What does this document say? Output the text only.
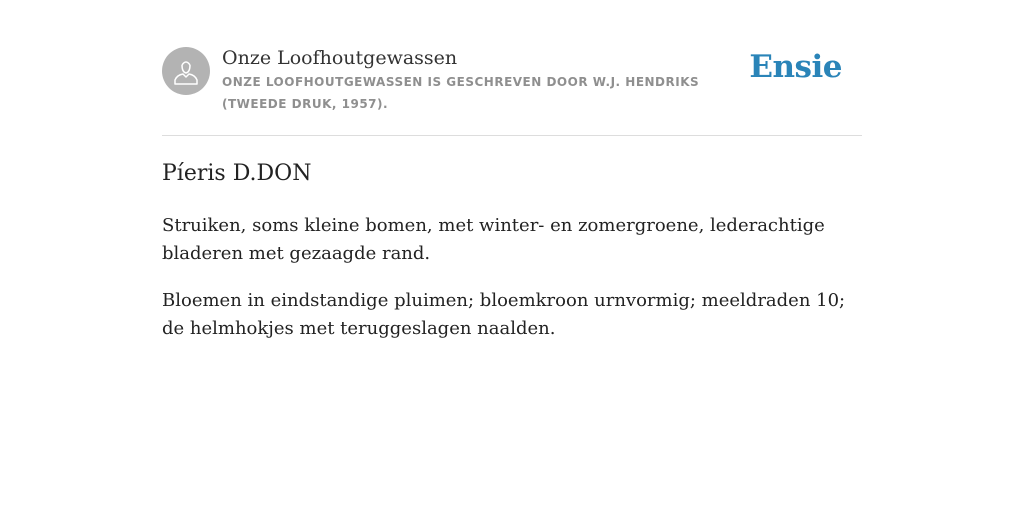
Onze Loofhoutgewassen
ONZE LOOFHOUTGEWASSEN IS GESCHREVEN DOOR W.J. HENDRIKS (TWEEDE DRUK, 1957).
Ensie
Píeris D.DON

Struiken, soms kleine bomen, met winter- en zomergroene, lederachtige bladeren met gezaagde rand.

Bloemen in eindstandige pluimen; bloemkroon urnvormig; meeldraden 10; de helmhokjes met teruggeslagen naalden.
